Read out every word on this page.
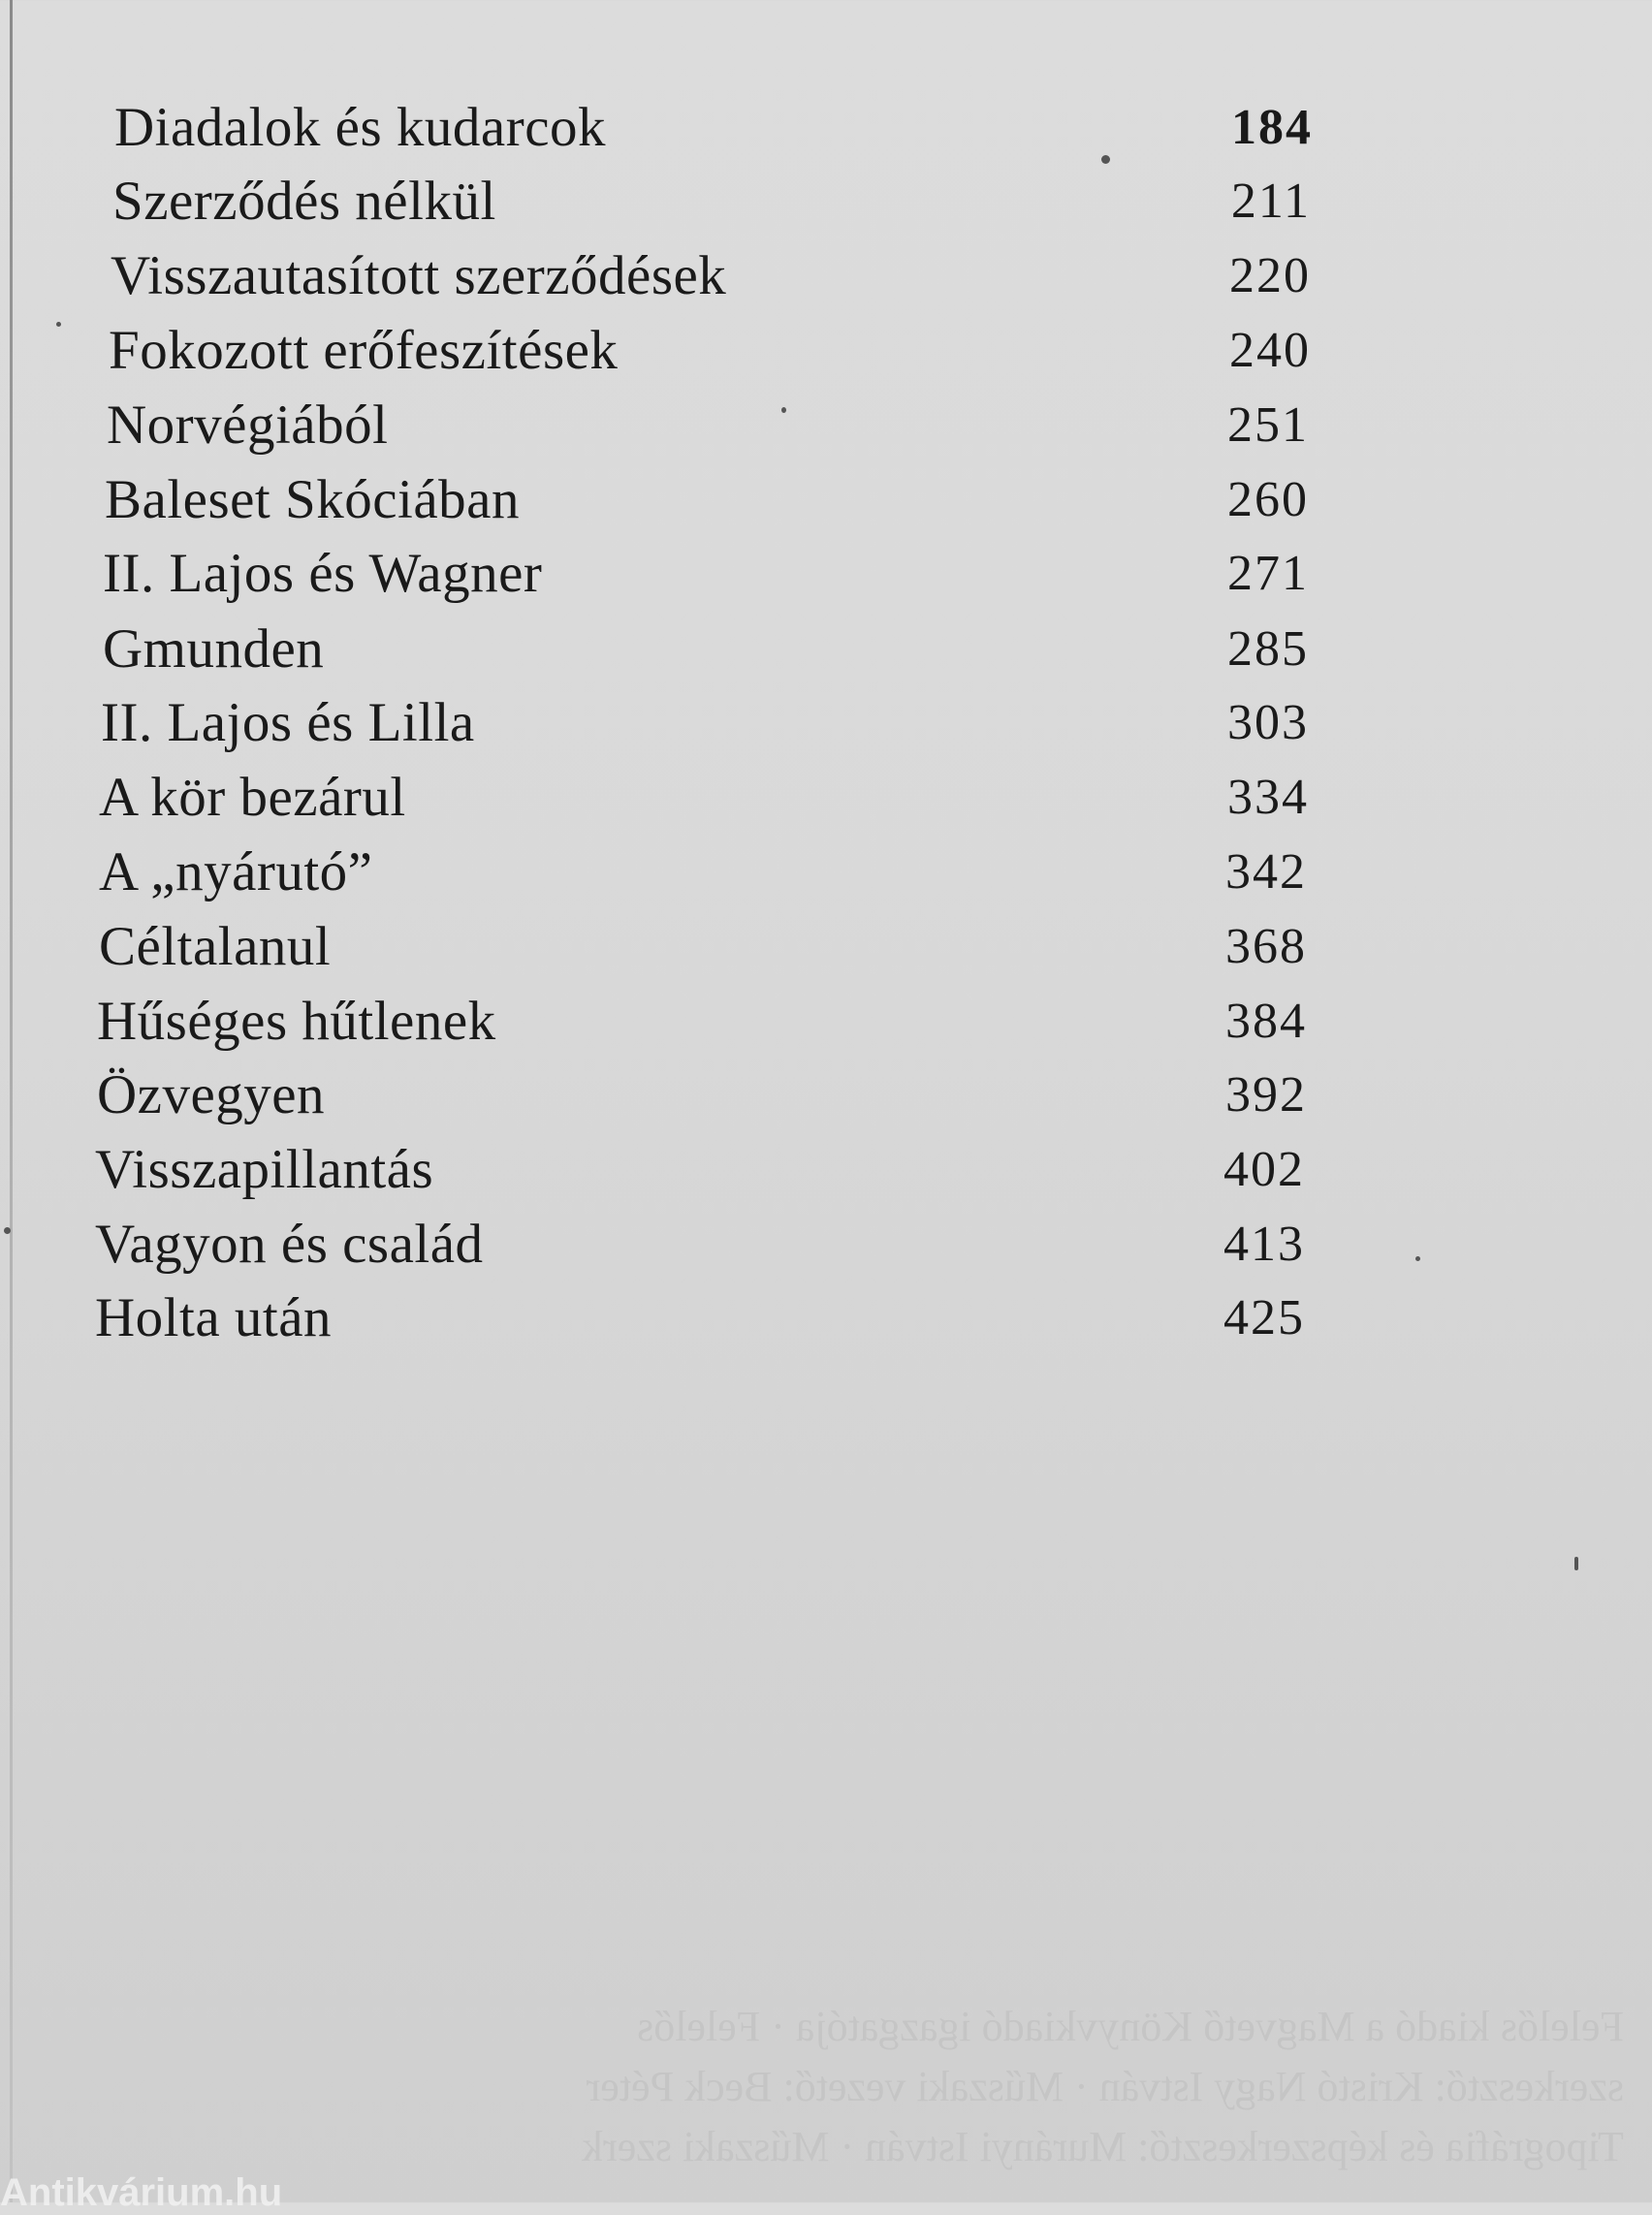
Diadalok és kudarcok	184
Szerződés nélkül	211
Visszautasított szerződések	220
Fokozott erőfeszítések	240
Norvégiából	251
Baleset Skóciában	260
II. Lajos és Wagner	271
Gmunden	285
II. Lajos és Lilla	303
A kör bezárul	334
A „nyárutó”	342
Céltalanul	368
Hűséges hűtlenek	384
Özvegyen	392
Visszapillantás	402
Vagyon és család	413
Holta után	425
Felelős kiadó a Magvető Könyvkiadó igazgatója · Felelős
szerkesztő: Kristó Nagy István · Műszaki vezető: Beck Péter
Tipográfia és képszerkesztő: Murányi István · Műszaki szerk
Antikvárium.hu
